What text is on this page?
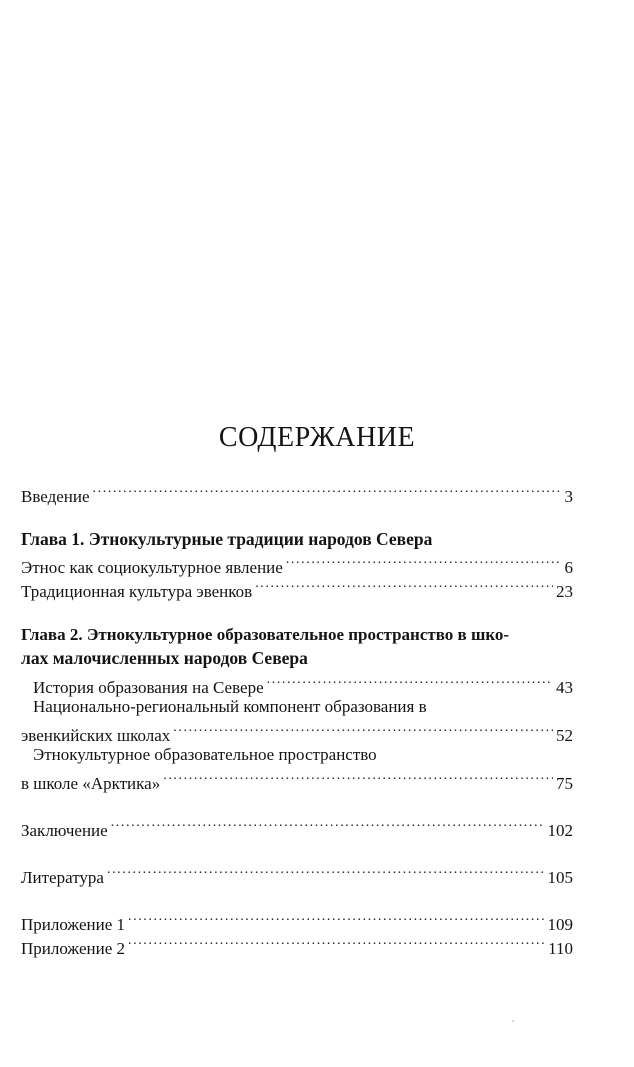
СОДЕРЖАНИЕ
Введение .....	3
Глава 1. Этнокультурные традиции народов Севера
Этнос как социокультурное явление .....	6
Традиционная культура эвенков .....	23
Глава 2. Этнокультурное образовательное пространство в шко-
лах малочисленных народов Севера
История образования на Севере .....	43
Национально-региональный компонент образования в
эвенкийских школах .....	52
Этнокультурное образовательное пространство
в школе «Арктика» .....	75
Заключение .....	102
Литература .....	105
Приложение 1 .....	109
Приложение 2 .....	110
